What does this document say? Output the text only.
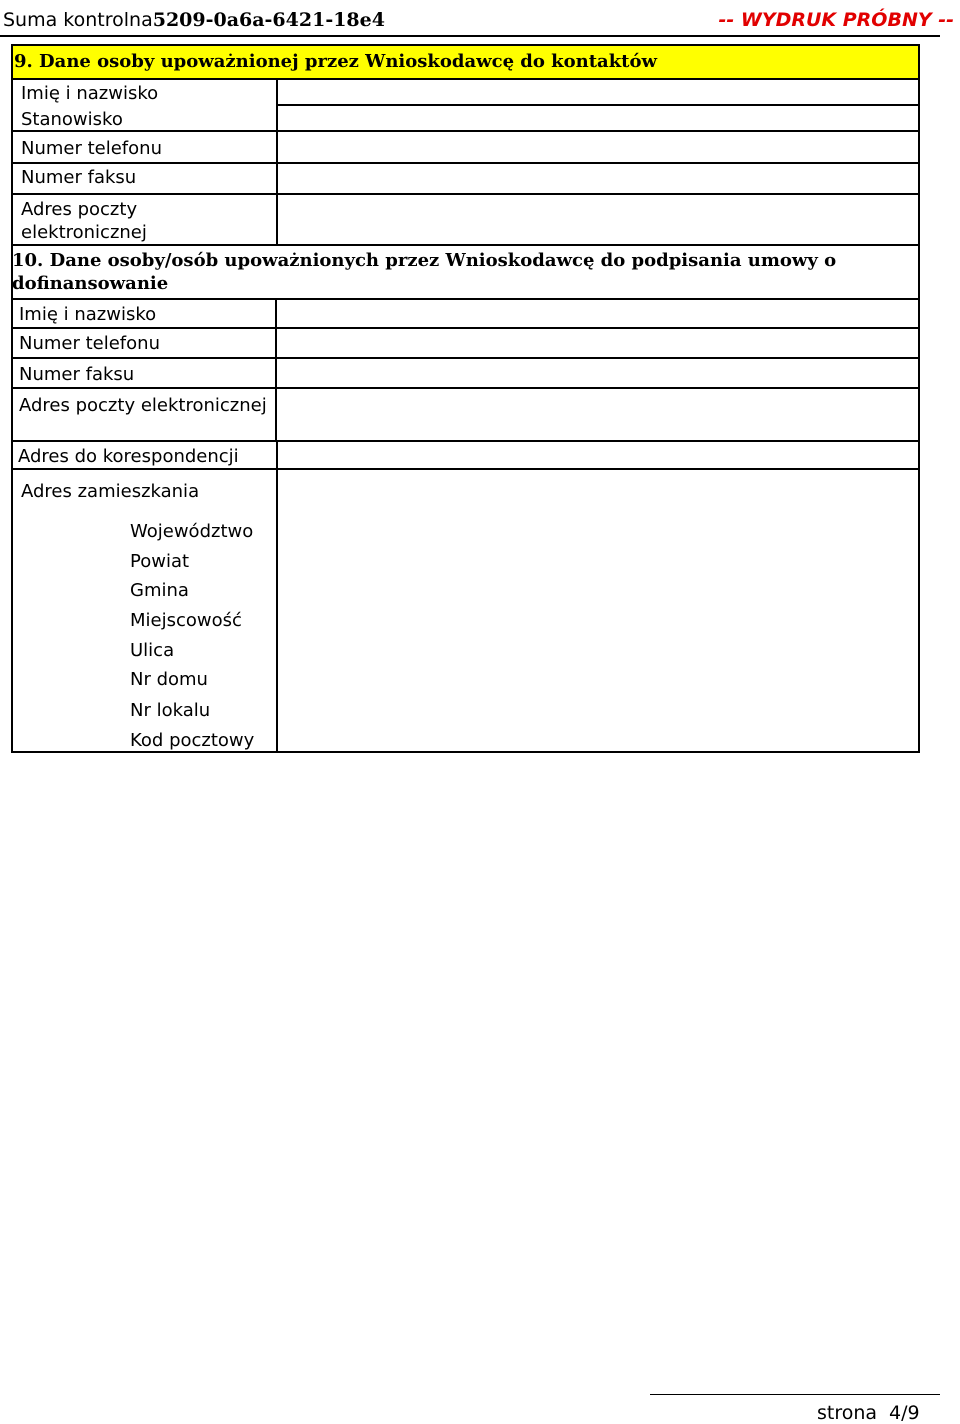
Suma kontrolna5209-0a6a-6421-18e4	-- WYDRUK PRÓBNY --
9. Dane osoby upoważnionej przez Wnioskodawcę do kontaktów
Imię i nazwisko
Stanowisko
Numer telefonu
Numer faksu
Adres poczty
elektronicznej
10. Dane osoby/osób upoważnionych przez Wnioskodawcę do podpisania umowy o
dofinansowanie
Imię i nazwisko
Numer telefonu
Numer faksu
Adres poczty elektronicznej
Adres do korespondencji
Adres zamieszkania
Województwo
Powiat
Gmina
Miejscowość
Ulica
Nr domu
Nr lokalu
Kod pocztowy
strona 4/9
